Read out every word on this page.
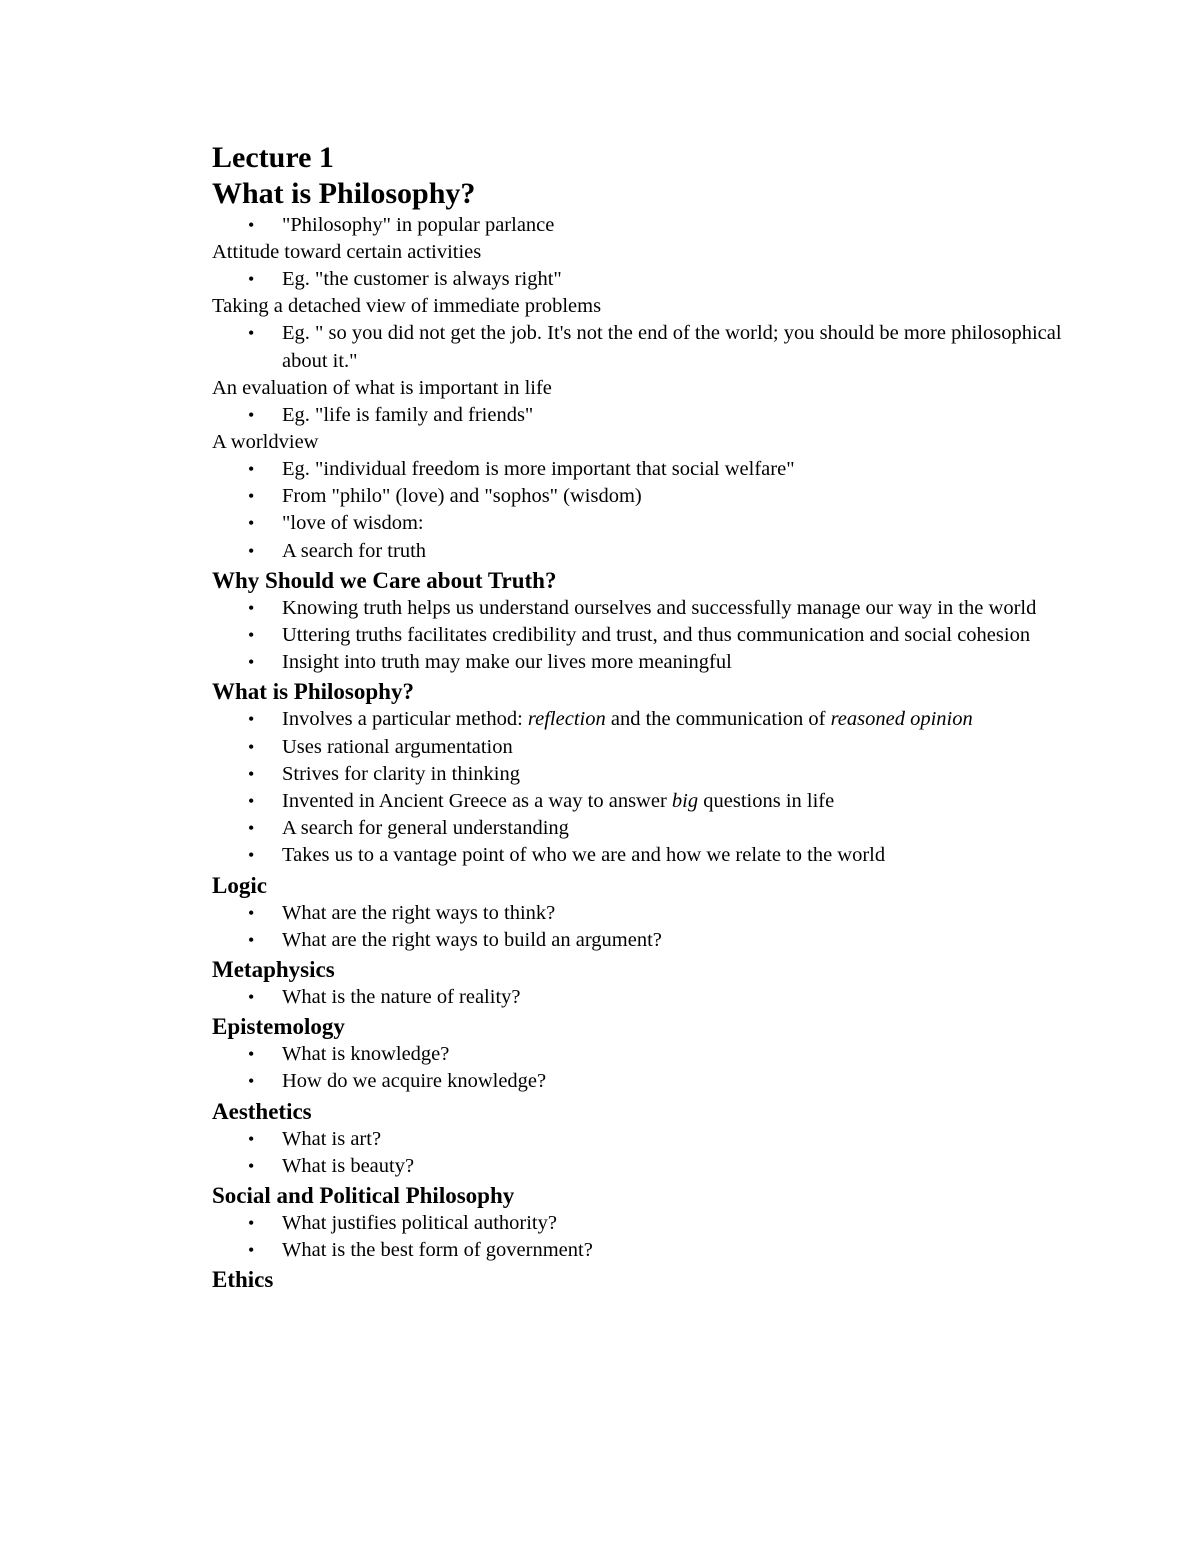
Lecture 1
What is Philosophy?
• "Philosophy" in popular parlance
Attitude toward certain activities
• Eg. "the customer is always right"
Taking a detached view of immediate problems
• Eg. " so you did not get the job. It's not the end of the world; you should be more philosophical about it."
An evaluation of what is important in life
• Eg. "life is family and friends"
A worldview
• Eg. "individual freedom is more important that social welfare"
• From "philo" (love) and "sophos" (wisdom)
• "love of wisdom:
• A search for truth
Why Should we Care about Truth?
• Knowing truth helps us understand ourselves and successfully manage our way in the world
• Uttering truths facilitates credibility and trust, and thus communication and social cohesion
• Insight into truth may make our lives more meaningful
What is Philosophy?
• Involves a particular method: reflection and the communication of reasoned opinion
• Uses rational argumentation
• Strives for clarity in thinking
• Invented in Ancient Greece as a way to answer big questions in life
• A search for general understanding
• Takes us to a vantage point of who we are and how we relate to the world
Logic
• What are the right ways to think?
• What are the right ways to build an argument?
Metaphysics
• What is the nature of reality?
Epistemology
• What is knowledge?
• How do we acquire knowledge?
Aesthetics
• What is art?
• What is beauty?
Social and Political Philosophy
• What justifies political authority?
• What is the best form of government?
Ethics
